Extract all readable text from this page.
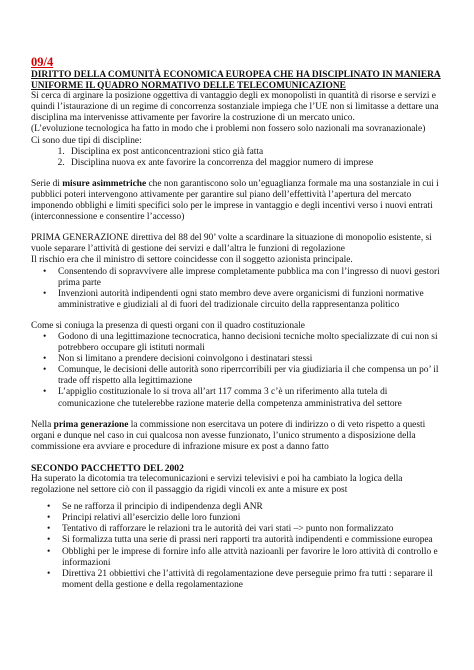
09/4
DIRITTO DELLA COMUNITÀ ECONOMICA EUROPEA CHE HA DISCIPLINATO IN MANIERA UNIFORME IL QUADRO NORMATIVO DELLE TELECOMUNICAZIONE

Si cerca di arginare la posizione oggettiva di vantaggio degli ex monopolisti in quantità di risorse e servizi e quindi l’istaurazione di un regime di concorrenza sostanziale impiega che l’UE non si limitasse a dettare una disciplina ma intervenisse attivamente per favorire la costruzione di un mercato unico.

(L’evoluzione tecnologica ha fatto in modo che i problemi non fossero solo nazionali ma sovranazionale)

Ci sono due tipi di discipline:

1. Disciplina ex post anticoncentrazioni stico già fatta
2. Disciplina nuova ex ante favorire la concorrenza del maggior numero di imprese

Serie di misure asimmetriche che non garantiscono solo un’eguaglianza formale ma una sostanziale in cui i pubblici poteri intervengono attivamente per garantire sul piano dell’effettività l’apertura del mercato imponendo obblighi e limiti specifici solo per le imprese in vantaggio e degli incentivi verso i nuovi entrati (interconnessione e consentire l’accesso)

PRIMA GENERAZIONE direttiva del 88 del 90’ volte a scardinare la situazione di monopolio esistente, si vuole separare l’attività di gestione dei servizi e dall’altra le funzioni di regolazione

Il rischio era che il ministro di settore coincidesse con il soggetto azionista principale.

• Consentendo di sopravvivere alle imprese completamente pubblica ma con l’ingresso di nuovi gestori prima parte
• Invenzioni autorità indipendenti ogni stato membro deve avere organicismi di funzioni normative amministrative e giudiziali al di fuori del tradizionale circuito della rappresentanza politico

Come si coniuga la presenza di questi organi con il quadro costituzionale

• Godono di una legittimazione tecnocratica, hanno decisioni tecniche molto specializzate di cui non si potrebbero occupare gli istituti normali
• Non si limitano a prendere decisioni coinvolgono i destinatari stessi
• Comunque, le decisioni delle autorità sono riperrcorribili per via giudiziaria il che compensa un po’ il trade off rispetto alla legittimazione
• L’appiglio costituzionale lo si trova all’art 117 comma 3 c’è un riferimento alla tutela di comunicazione che tutelerebbe razione materie della competenza amministrativa del settore

Nella prima generazione la commissione non esercitava un potere di indirizzo o di veto rispetto a questi organi e dunque nel caso in cui qualcosa non avesse funzionato, l’unico strumento a disposizione della commissione era avviare e procedure di infrazione misure ex post a danno fatto

SECONDO PACCHETTO DEL 2002

Ha superato la dicotomia tra telecomunicazioni e servizi televisivi e poi ha cambiato la logica della regolazione nel settore ciò con il passaggio da rigidi vincoli ex ante a misure ex post

• Se ne rafforza il principio di indipendenza degli ANR
• Principi relativi all’esercizio delle loro funzioni
• Tentativo di rafforzare le relazioni tra le autorità dei vari stati –> punto non formalizzato
• Si formalizza tutta una serie di prassi neri rapporti tra autorità indipendenti e commissione europea
• Obblighi per le imprese di fornire info alle attvità nazioanli per favorire le loro attività di controllo e informazioni
• Direttiva 21 obbiettivi che l’attività di regolamentazione deve perseguie primo fra tutti : separare il moment della gestione e della regolamentazione
